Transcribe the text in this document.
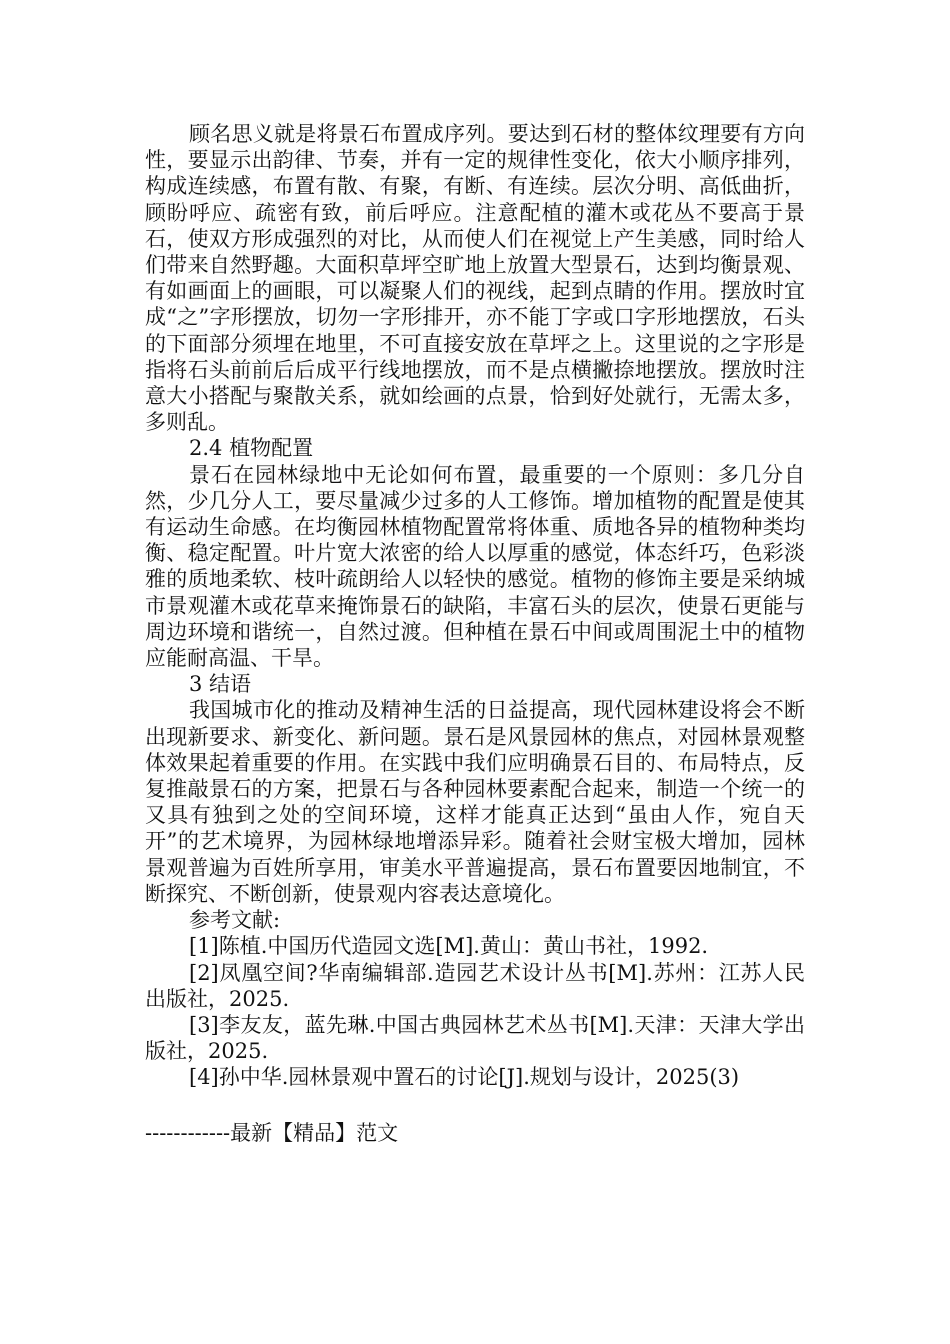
顾名思义就是将景石布置成序列。要达到石材的整体纹理要有方向性，要显示出韵律、节奏，并有一定的规律性变化，依大小顺序排列，构成连续感，布置有散、有聚，有断、有连续。层次分明、高低曲折，顾盼呼应、疏密有致，前后呼应。注意配植的灌木或花丛不要高于景石，使双方形成强烈的对比，从而使人们在视觉上产生美感，同时给人们带来自然野趣。大面积草坪空旷地上放置大型景石，达到均衡景观、有如画面上的画眼，可以凝聚人们的视线，起到点睛的作用。摆放时宜成“之”字形摆放，切勿一字形排开，亦不能丁字或口字形地摆放，石头的下面部分须埋在地里，不可直接安放在草坪之上。这里说的之字形是指将石头前前后后成平行线地摆放，而不是点横撇捺地摆放。摆放时注意大小搭配与聚散关系，就如绘画的点景，恰到好处就行，无需太多，多则乱。

2.4 植物配置

景石在园林绿地中无论如何布置，最重要的一个原则：多几分自然，少几分人工，要尽量减少过多的人工修饰。增加植物的配置是使其有运动生命感。在均衡园林植物配置常将体重、质地各异的植物种类均衡、稳定配置。叶片宽大浓密的给人以厚重的感觉，体态纤巧，色彩淡雅的质地柔软、枝叶疏朗给人以轻快的感觉。植物的修饰主要是采纳城市景观灌木或花草来掩饰景石的缺陷，丰富石头的层次，使景石更能与周边环境和谐统一，自然过渡。但种植在景石中间或周围泥土中的植物应能耐高温、干旱。

3 结语

我国城市化的推动及精神生活的日益提高，现代园林建设将会不断出现新要求、新变化、新问题。景石是风景园林的焦点，对园林景观整体效果起着重要的作用。在实践中我们应明确景石目的、布局特点，反复推敲景石的方案，把景石与各种园林要素配合起来，制造一个统一的又具有独到之处的空间环境，这样才能真正达到“虽由人作，宛自天开”的艺术境界，为园林绿地增添异彩。随着社会财宝极大增加，园林景观普遍为百姓所享用，审美水平普遍提高，景石布置要因地制宜，不断探究、不断创新，使景观内容表达意境化。

参考文献:

[1]陈植.中国历代造园文选[M].黄山：黄山书社，1992.

[2]凤凰空间?华南编辑部.造园艺术设计丛书[M].苏州：江苏人民出版社，2025.

[3]李友友，蓝先琳.中国古典园林艺术丛书[M].天津：天津大学出版社，2025.

[4]孙中华.园林景观中置石的讨论[J].规划与设计，2025(3)

------------最新【精品】范文
